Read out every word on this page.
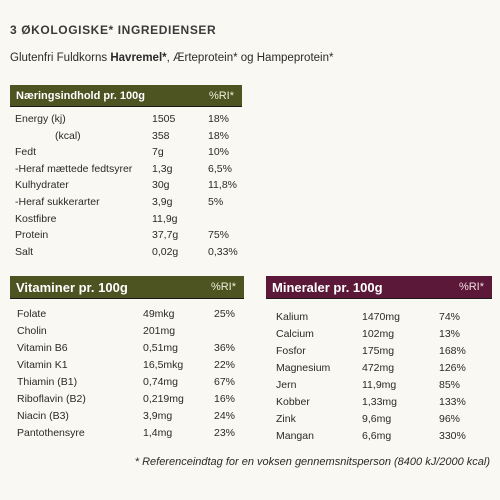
3 ØKOLOGISKE* INGREDIENSER
Glutenfri Fuldkorns Havremel*, Ærteprotein* og Hampeprotein*
Næringsindhold pr. 100g	%RI*
Energy (kj)	1505	18%
(kcal)	358	18%
Fedt	7g	10%
-Heraf mættede fedtsyrer 1,3g	6,5%
Kulhydrater	30g	11,8%
-Heraf sukkerarter	3,9g	5%
Kostfibre	11,9g
Protein	37,7g	75%
Salt	0,02g	0,33%
Vitaminer pr. 100g	%RI*
Folate	49mkg	25%
Cholin	201mg
Vitamin B6	0,51mg	36%
Vitamin K1	16,5mkg	22%
Thiamin (B1)	0,74mg	67%
Riboflavin (B2)	0,219mg	16%
Niacin (B3)	3,9mg	24%
Pantothensyre	1,4mg	23%
Mineraler pr. 100g	%RI*
Kalium	1470mg	74%
Calcium	102mg	13%
Fosfor	175mg	168%
Magnesium	472mg	126%
Jern	11,9mg	85%
Kobber	1,33mg	133%
Zink	9,6mg	96%
Mangan	6,6mg	330%
* Referenceindtag for en voksen gennemsnitsperson (8400 kJ/2000 kcal)
